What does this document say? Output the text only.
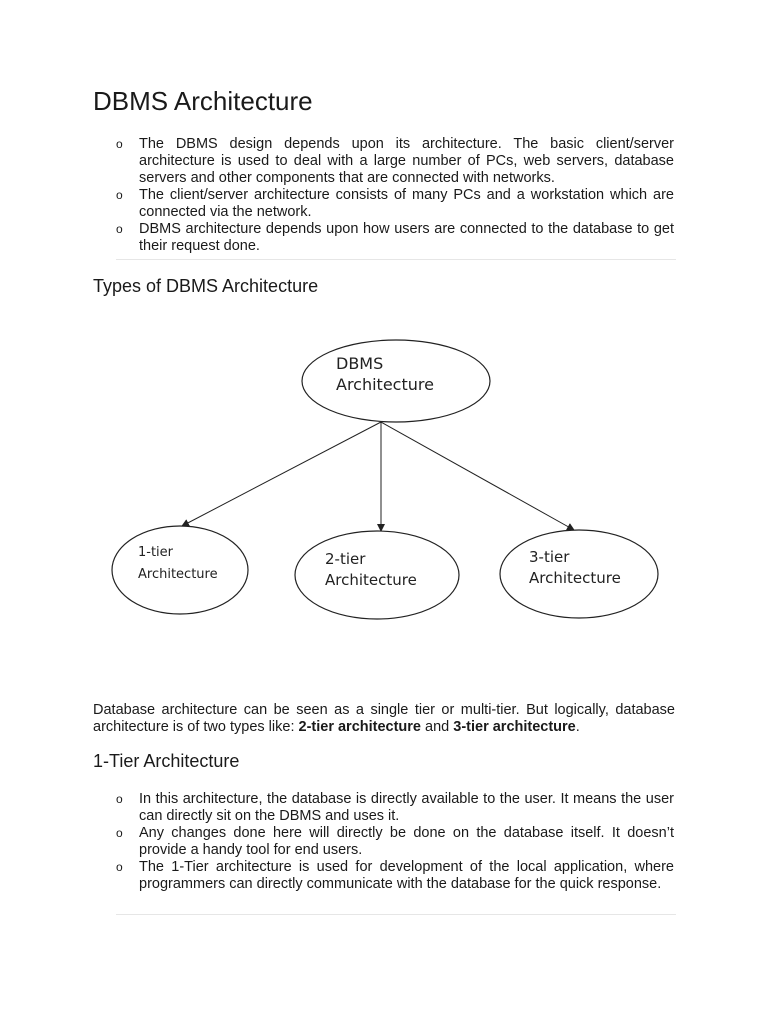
DBMS Architecture
o The DBMS design depends upon its architecture. The basic client/server architecture is used to deal with a large number of PCs, web servers, database servers and other components that are connected with networks.
o The client/server architecture consists of many PCs and a workstation which are connected via the network.
o DBMS architecture depends upon how users are connected to the database to get their request done.
Types of DBMS Architecture
DBMS
Architecture
1-tier
Architecture
2-tier
Architecture
3-tier
Architecture

Database architecture can be seen as a single tier or multi-tier. But logically, database architecture is of two types like: 2-tier architecture and 3-tier architecture.

1-Tier Architecture
o In this architecture, the database is directly available to the user. It means the user can directly sit on the DBMS and uses it.
o Any changes done here will directly be done on the database itself. It doesn’t provide a handy tool for end users.
o The 1-Tier architecture is used for development of the local application, where programmers can directly communicate with the database for the quick response.
